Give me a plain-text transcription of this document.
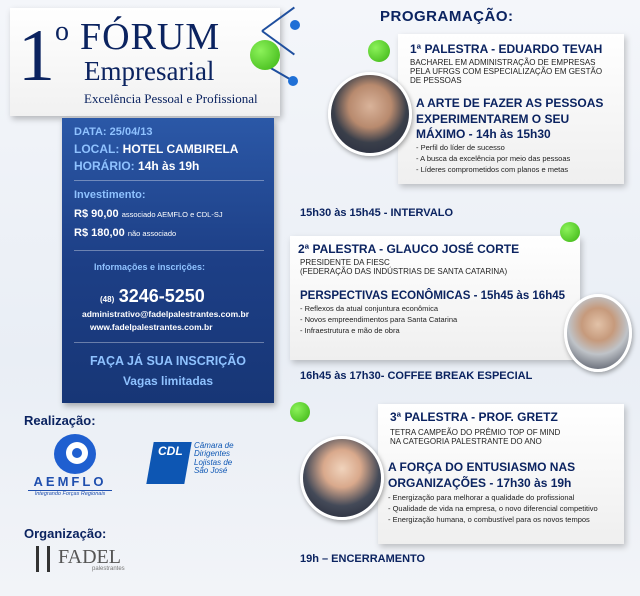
1$^o$ FÓRUM
Empresarial
Excelência Pessoal e Profissional
DATA: 25/04/13
LOCAL: HOTEL CAMBIRELA
HORÁRIO: 14h às 19h
Investimento:
R$ 90,00 associado AEMFLO e CDL-SJ
R$ 180,00 não associado
Informações e inscrições:
(48) 3246-5250
administrativo@fadelpalestrantes.com.br
www.fadelpalestrantes.com.br
FAÇA JÁ SUA INSCRIÇÃO
Vagas limitadas
Realização:
AEMFLO
Integrando Forças Regionais
CDL Câmara de
Dirigentes
Lojistas de
São José
Organização:
FADEL
palestrantes
PROGRAMAÇÃO:
1ª PALESTRA - EDUARDO TEVAH
BACHAREL EM ADMINISTRAÇÃO DE EMPRESAS
PELA UFRGS COM ESPECIALIZAÇÃO EM GESTÃO
DE PESSOAS
A ARTE DE FAZER AS PESSOAS
EXPERIMENTAREM O SEU
MÁXIMO - 14h às 15h30
- Perfil do líder de sucesso
- A busca da excelência por meio das pessoas
- Líderes comprometidos com planos e metas
15h30 às 15h45 - INTERVALO
2ª PALESTRA - GLAUCO JOSÉ CORTE
PRESIDENTE DA FIESC
(FEDERAÇÃO DAS INDÚSTRIAS DE SANTA CATARINA)
PERSPECTIVAS ECONÔMICAS - 15h45 às 16h45
- Reflexos da atual conjuntura econômica
- Novos empreendimentos para Santa Catarina
- Infraestrutura e mão de obra
16h45 às 17h30- COFFEE BREAK ESPECIAL
3ª PALESTRA - PROF. GRETZ
TETRA CAMPEÃO DO PRÊMIO TOP OF MIND
NA CATEGORIA PALESTRANTE DO ANO
A FORÇA DO ENTUSIASMO NAS
ORGANIZAÇÕES - 17h30 às 19h
- Energização para melhorar a qualidade do profissional
- Qualidade de vida na empresa, o novo diferencial competitivo
- Energização humana, o combustível para os novos tempos
19h – ENCERRAMENTO
